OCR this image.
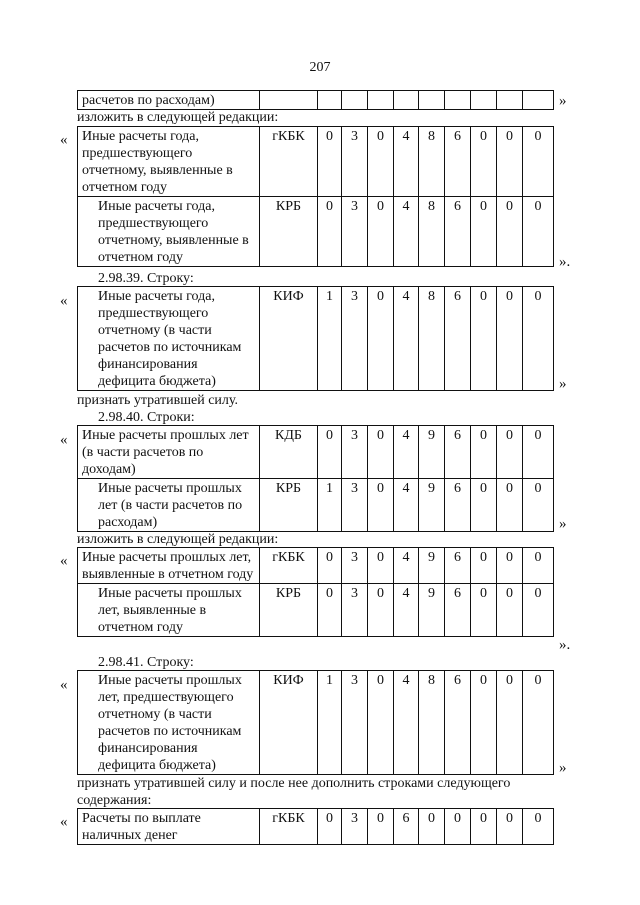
207
расчетов по расходам)												»
изложить в следующей редакции:
« Иные расчеты года, предшествующего отчетному, выявленные в отчетном году	гКБК	0	3	0	4	8	6	0	0	0	
Иные расчеты года, предшествующего отчетному, выявленные в отчетном году	КРБ	0	3	0	4	8	6	0	0	0	
».
2.98.39. Строку:
« Иные расчеты года, предшествующего отчетному (в части расчетов по источникам финансирования дефицита бюджета)	КИФ	1	3	0	4	8	6	0	0	0	
»
признать утратившей силу.
2.98.40. Строки:
« Иные расчеты прошлых лет (в части расчетов по доходам)	КДБ	0	3	0	4	9	6	0	0	0	
Иные расчеты прошлых лет (в части расчетов по расходам)	КРБ	1	3	0	4	9	6	0	0	0	
»
изложить в следующей редакции:
« Иные расчеты прошлых лет, выявленные в отчетном году	гКБК	0	3	0	4	9	6	0	0	0	
Иные расчеты прошлых лет, выявленные в отчетном году	КРБ	0	3	0	4	9	6	0	0	0	
».
2.98.41. Строку:
« Иные расчеты прошлых лет, предшествующего отчетному (в части расчетов по источникам финансирования дефицита бюджета)	КИФ	1	3	0	4	8	6	0	0	0	
»
признать утратившей силу и после нее дополнить строками следующего
содержания:
« Расчеты по выплате наличных денег	гКБК	0	3	0	6	0	0	0	0	0	
